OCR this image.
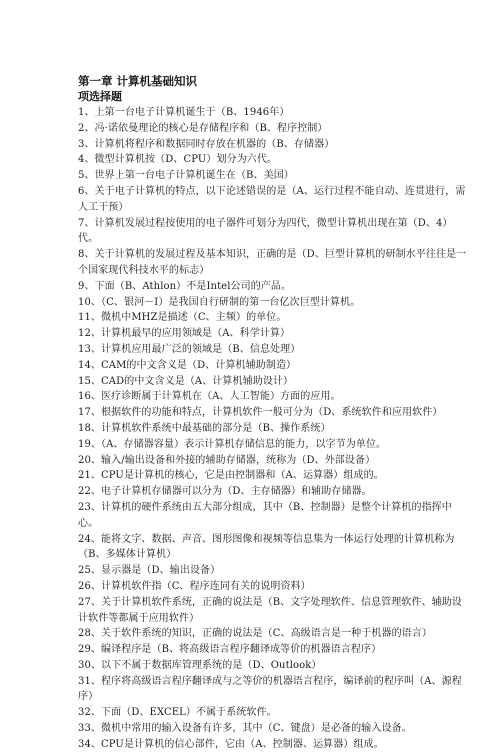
第一章 计算机基础知识
项选择题
1、上第一台电子计算机诞生于（B、1946年）
2、冯·诺依曼理论的核心是存储程序和（B、程序控制）
3、计算机将程序和数据同时存放在机器的（B、存储器）
4、微型计算机按（D、CPU）划分为六代。
5、世界上第一台电子计算机诞生在（B、美国）
6、关于电子计算机的特点，以下论述错误的是（A、运行过程不能自动、连贯进行，需人工干预）
7、计算机发展过程按使用的电子器件可划分为四代，微型计算机出现在第（D、4）代。
8、关于计算机的发展过程及基本知识，正确的是（D、巨型计算机的研制水平往往是一个国家现代科技水平的标志）
9、下面（B、Athlon）不是Intel公司的产品。
10、（C、银河－Ⅰ）是我国自行研制的第一台亿次巨型计算机。
11、微机中MHZ是描述（C、主频）的单位。
12、计算机最早的应用领域是（A、科学计算）
13、计算机应用最广泛的领域是（B、信息处理）
14、CAM的中文含义是（D、计算机辅助制造）
15、CAD的中文含义是（A、计算机辅助设计）
16、医疗诊断属于计算机在（A、人工智能）方面的应用。
17、根据软件的功能和特点，计算机软件一般可分为（D、系统软件和应用软件）
18、计算机软件系统中最基础的部分是（B、操作系统）
19、（A、存储器容量）表示计算机存储信息的能力，以字节为单位。
20、输入/输出设备和外接的辅助存储器，统称为（D、外部设备）
21、CPU是计算机的核心，它是由控制器和（A、运算器）组成的。
22、电子计算机存储器可以分为（D、主存储器）和辅助存储器。
23、计算机的硬件系统由五大部分组成，其中（B、控制器）是整个计算机的指挥中心。
24、能将文字、数据、声音、图形图像和视频等信息集为一体运行处理的计算机称为（B、多媒体计算机）
25、显示器是（D、输出设备）
26、计算机软件指（C、程序连同有关的说明资料）
27、关于计算机软件系统，正确的说法是（B、文字处理软件、信息管理软件、辅助设计软件等都属于应用软件）
28、关于软件系统的知识，正确的说法是（C、高级语言是一种于机器的语言）
29、编译程序是（B、将高级语言程序翻译成等价的机器语言程序）
30、以下不属于数据库管理系统的是（D、Outlook）
31、程序将高级语言程序翻译成与之等价的机器语言程序，编译前的程序叫（A、源程序）
32、下面（D、EXCEL）不属于系统软件。
33、微机中常用的输入设备有许多，其中（C、键盘）是必备的输入设备。
34、CPU是计算机的信心部件，它由（A、控制器、运算器）组成。
